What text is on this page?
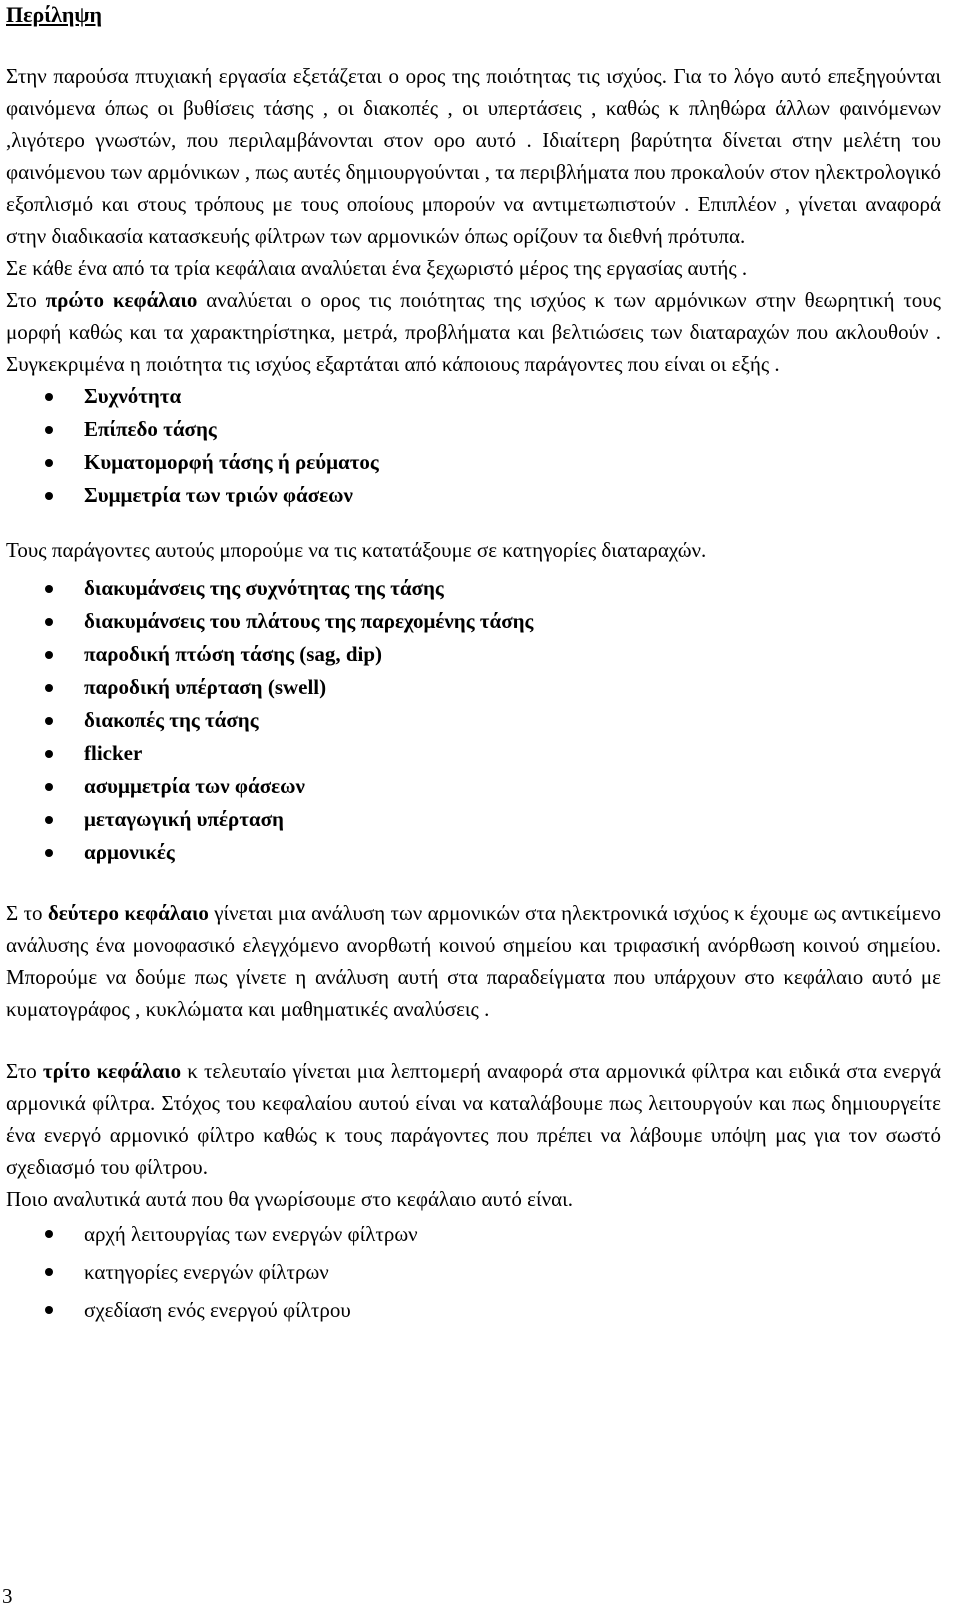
Περίληψη

Στην παρούσα πτυχιακή εργασία εξετάζεται ο ορος της ποιότητας τις ισχύος. Για το λόγο αυτό επεξηγούνται φαινόμενα όπως οι βυθίσεις τάσης , οι διακοπές , οι υπερτάσεις , καθώς κ πληθώρα άλλων φαινόμενων ,λιγότερο γνωστών, που περιλαμβάνονται στον ορο αυτό . Ιδιαίτερη βαρύτητα δίνεται στην μελέτη του φαινόμενου των αρμόνικων , πως αυτές δημιουργούνται , τα περιβλήματα που προκαλούν στον ηλεκτρολογικό εξοπλισμό και στους τρόπους με τους οποίους μπορούν να αντιμετωπιστούν . Επιπλέον , γίνεται αναφορά στην διαδικασία κατασκευής φίλτρων των αρμονικών όπως ορίζουν τα διεθνή πρότυπα.

Σε κάθε ένα από τα τρία κεφάλαια αναλύεται ένα ξεχωριστό μέρος της εργασίας αυτής .

Στο πρώτο κεφάλαιο αναλύεται ο ορος τις ποιότητας της ισχύος κ των αρμόνικων στην θεωρητική τους μορφή καθώς και τα χαρακτηρίστηκα, μετρά, προβλήματα και βελτιώσεις των διαταραχών που ακλουθούν . Συγκεκριμένα η ποιότητα τις ισχύος εξαρτάται από κάποιους παράγοντες που είναι οι εξής .

Συχνότητα
Επίπεδο τάσης
Κυματομορφή τάσης ή ρεύματος
Συμμετρία των τριών φάσεων

Τους παράγοντες αυτούς μπορούμε να τις κατατάξουμε σε κατηγορίες διαταραχών.

διακυμάνσεις της συχνότητας της τάσης
διακυμάνσεις του πλάτους της παρεχομένης τάσης
παροδική πτώση τάσης (sag, dip)
παροδική υπέρταση (swell)
διακοπές της τάσης
flicker
ασυμμετρία των φάσεων
μεταγωγική υπέρταση
αρμονικές

Σ το δεύτερο κεφάλαιο γίνεται μια ανάλυση των αρμονικών στα ηλεκτρονικά ισχύος κ έχουμε ως αντικείμενο ανάλυσης ένα μονοφασικό ελεγχόμενο ανορθωτή κοινού σημείου και τριφασική ανόρθωση κοινού σημείου. Μπορούμε να δούμε πως γίνετε η ανάλυση αυτή στα παραδείγματα που υπάρχουν στο κεφάλαιο αυτό με κυματογράφος , κυκλώματα και μαθηματικές αναλύσεις .

Στο τρίτο κεφάλαιο κ τελευταίο γίνεται μια λεπτομερή αναφορά στα αρμονικά φίλτρα και ειδικά στα ενεργά αρμονικά φίλτρα. Στόχος του κεφαλαίου αυτού είναι να καταλάβουμε πως λειτουργούν και πως δημιουργείτε ένα ενεργό αρμονικό φίλτρο καθώς κ τους παράγοντες που πρέπει να λάβουμε υπόψη μας για τον σωστό σχεδιασμό του φίλτρου.

Ποιο αναλυτικά αυτά που θα γνωρίσουμε στο κεφάλαιο αυτό είναι.

αρχή λειτουργίας των ενεργών φίλτρων
κατηγορίες ενεργών φίλτρων
σχεδίαση ενός ενεργού φίλτρου
3
